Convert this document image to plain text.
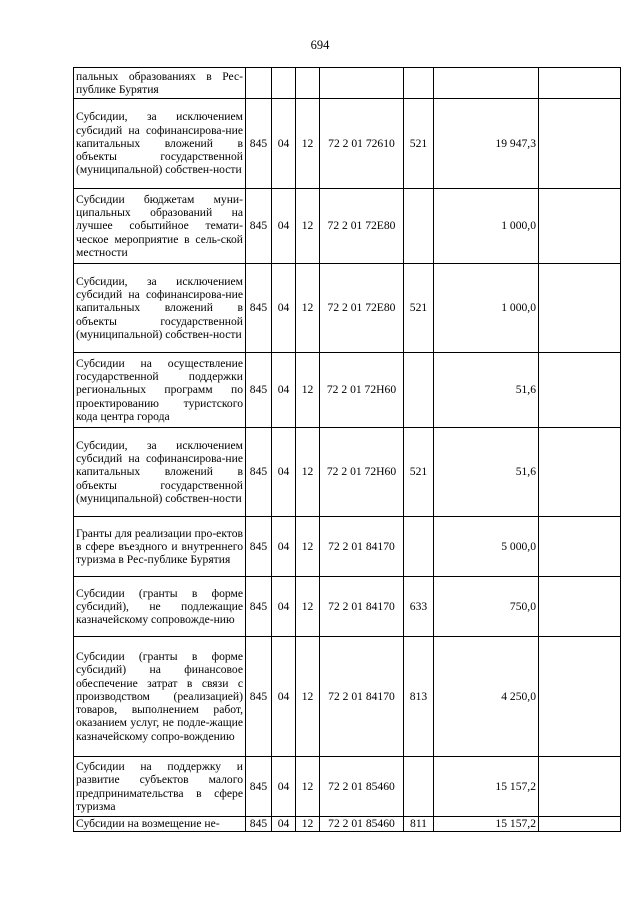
694
пальных образованиях в Рес-публике Бурятия							
Субсидии, за исключением субсидий на софинансирова-ние капитальных вложений в объекты государственной (муниципальной) собствен-ности	845	04	12	72 2 01 72610	521	19 947,3	
Субсидии бюджетам муни-ципальных образований на лучшее событийное темати-ческое мероприятие в сель-ской местности	845	04	12	72 2 01 72E80		1 000,0	
Субсидии, за исключением субсидий на софинансирова-ние капитальных вложений в объекты государственной (муниципальной) собствен-ности	845	04	12	72 2 01 72E80	521	1 000,0	
Субсидии на осуществление государственной поддержки региональных программ по проектированию туристского кода центра города	845	04	12	72 2 01 72H60		51,6	
Субсидии, за исключением субсидий на софинансирова-ние капитальных вложений в объекты государственной (муниципальной) собствен-ности	845	04	12	72 2 01 72H60	521	51,6	
Гранты для реализации про-ектов в сфере въездного и внутреннего туризма в Рес-публике Бурятия	845	04	12	72 2 01 84170		5 000,0	
Субсидии (гранты в форме субсидий), не подлежащие казначейскому сопровожде-нию	845	04	12	72 2 01 84170	633	750,0	
Субсидии (гранты в форме субсидий) на финансовое обеспечение затрат в связи с производством (реализацией) товаров, выполнением работ, оказанием услуг, не подле-жащие казначейскому сопро-вождению	845	04	12	72 2 01 84170	813	4 250,0	
Субсидии на поддержку и развитие субъектов малого предпринимательства в сфере туризма	845	04	12	72 2 01 85460		15 157,2	
Субсидии на возмещение не-	845	04	12	72 2 01 85460	811	15 157,2	
